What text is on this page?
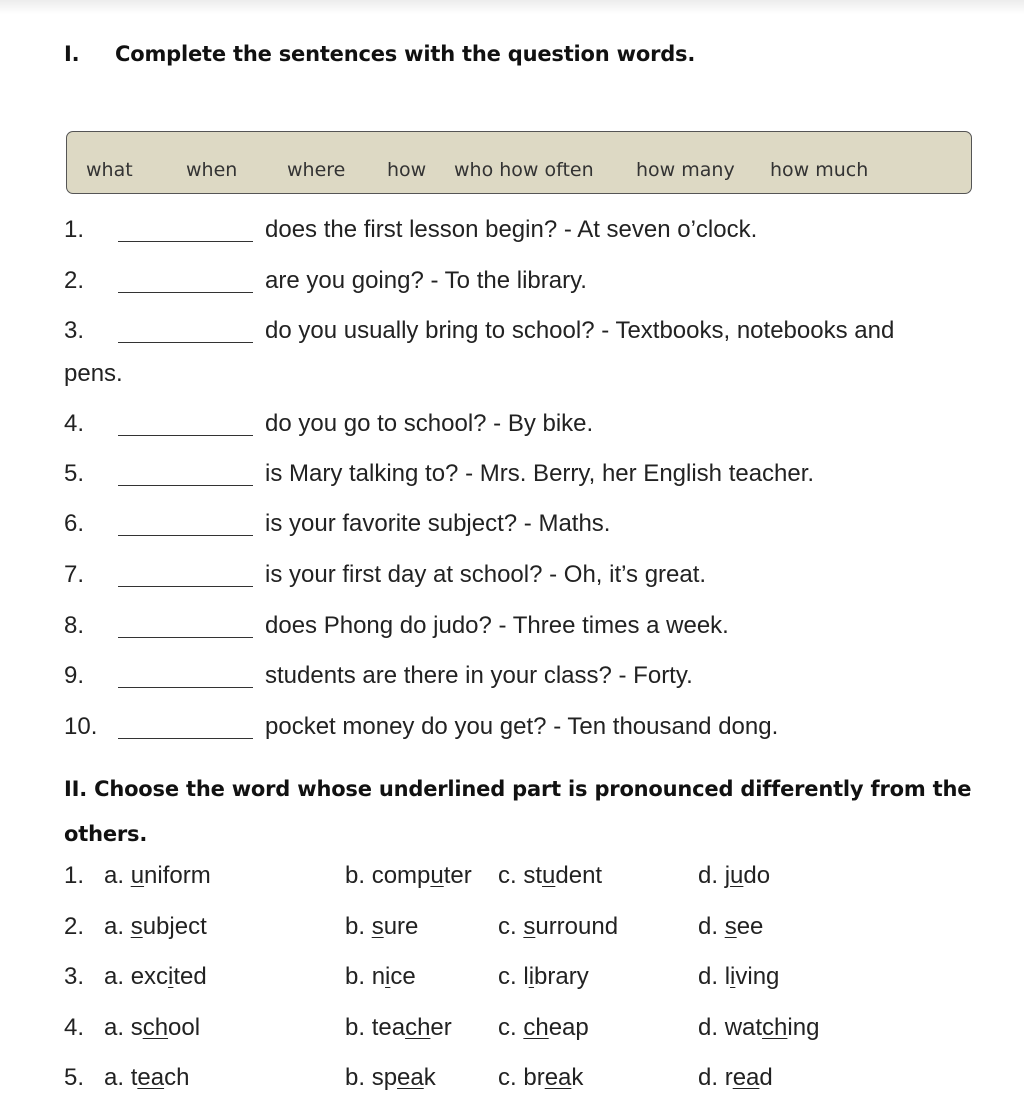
I. Complete the sentences with the question words.
what	when	where how who how often how many how much
1.	does the first lesson begin? - At seven o’clock.
2.	are you going? - To the library.
3.	do you usually bring to school? - Textbooks, notebooks and
pens.
4.	do you go to school? - By bike.
5.	is Mary talking to? - Mrs. Berry, her English teacher.
6.	is your favorite subject? - Maths.
7.	is your first day at school? - Oh, it’s great.
8.	does Phong do judo? - Three times a week.
9.	students are there in your class? - Forty.
10.	pocket money do you get? - Ten thousand dong.
II. Choose the word whose underlined part is pronounced differently from the others.
1. a. uniform	b. computer c. student	d. judo
2. a. subject	b. sure	c. surround	d. see
3. a. excited	b. nice	c. library	d. living
4. a. school	b. teacher c. cheap	d. watching
5. a. teach	b. speak	c. break	d. read
